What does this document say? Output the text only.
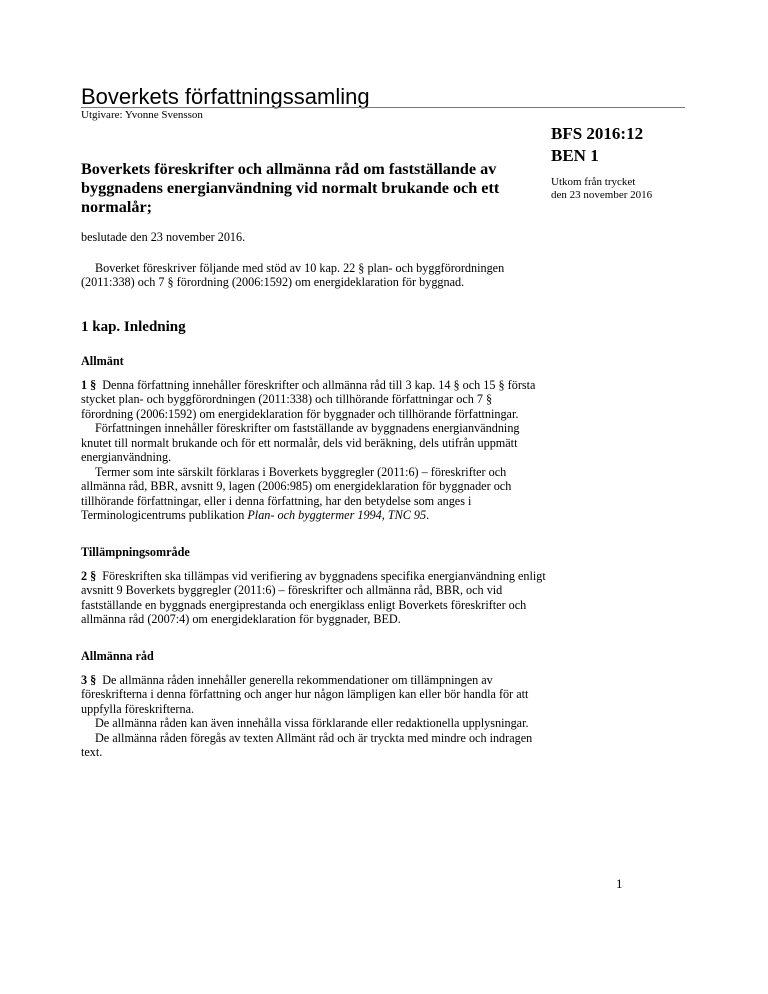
Boverkets författningssamling
Utgivare: Yvonne Svensson
BFS 2016:12
BEN 1
Utkom från trycket
den 23 november 2016
Boverkets föreskrifter och allmänna råd om fastställande av byggnadens energianvändning vid normalt brukande och ett normalår;

beslutade den 23 november 2016.

Boverket föreskriver följande med stöd av 10 kap. 22 § plan- och byggförordningen (2011:338) och 7 § förordning (2006:1592) om energideklaration för byggnad.

1 kap. Inledning
Allmänt

1 § Denna författning innehåller föreskrifter och allmänna råd till 3 kap. 14 § och 15 § första stycket plan- och byggförordningen (2011:338) och tillhörande författningar och 7 § förordning (2006:1592) om energideklaration för byggnader och tillhörande författningar.

Författningen innehåller föreskrifter om fastställande av byggnadens energianvändning knutet till normalt brukande och för ett normalår, dels vid beräkning, dels utifrån uppmätt energianvändning.

Termer som inte särskilt förklaras i Boverkets byggregler (2011:6) – föreskrifter och allmänna råd, BBR, avsnitt 9, lagen (2006:985) om energideklaration för byggnader och tillhörande författningar, eller i denna författning, har den betydelse som anges i Terminologicentrums publikation Plan- och byggtermer 1994, TNC 95.

Tillämpningsområde

2 § Föreskriften ska tillämpas vid verifiering av byggnadens specifika energianvändning enligt avsnitt 9 Boverkets byggregler (2011:6) – föreskrifter och allmänna råd, BBR, och vid fastställande en byggnads energiprestanda och energiklass enligt Boverkets föreskrifter och allmänna råd (2007:4) om energideklaration för byggnader, BED.

Allmänna råd

3 § De allmänna råden innehåller generella rekommendationer om tillämpningen av föreskrifterna i denna författning och anger hur någon lämpligen kan eller bör handla för att uppfylla föreskrifterna.

De allmänna råden kan även innehålla vissa förklarande eller redaktionella upplysningar.

De allmänna råden föregås av texten Allmänt råd och är tryckta med mindre och indragen text.

1
